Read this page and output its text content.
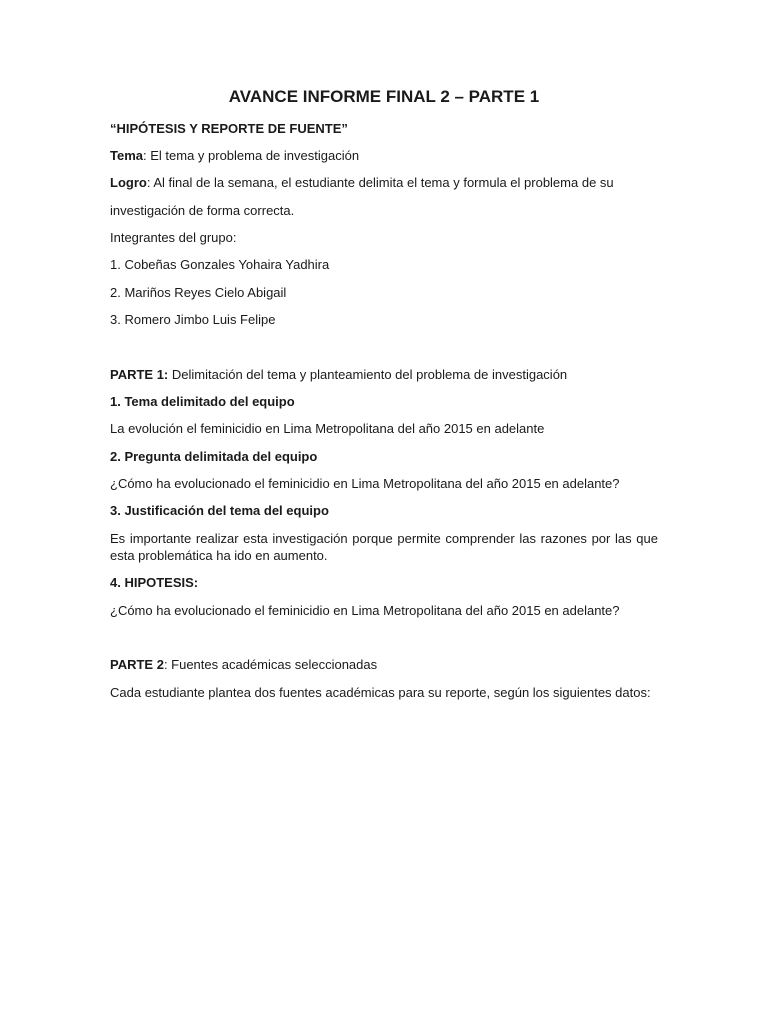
AVANCE INFORME FINAL 2 – PARTE 1
“HIPÓTESIS Y REPORTE DE FUENTE”
Tema: El tema y problema de investigación
Logro: Al final de la semana, el estudiante delimita el tema y formula el problema de su
investigación de forma correcta.
Integrantes del grupo:
1. Cobeñas Gonzales Yohaira Yadhira
2. Mariños Reyes Cielo Abigail
3. Romero Jimbo Luis Felipe
PARTE 1: Delimitación del tema y planteamiento del problema de investigación
1. Tema delimitado del equipo
La evolución el feminicidio en Lima Metropolitana del año 2015 en adelante
2. Pregunta delimitada del equipo
¿Cómo ha evolucionado el feminicidio en Lima Metropolitana del año 2015 en adelante?
3. Justificación del tema del equipo
Es importante realizar esta investigación porque permite comprender las razones por las que esta problemática ha ido en aumento.
4. HIPOTESIS:
¿Cómo ha evolucionado el feminicidio en Lima Metropolitana del año 2015 en adelante?
PARTE 2: Fuentes académicas seleccionadas
Cada estudiante plantea dos fuentes académicas para su reporte, según los siguientes datos:
